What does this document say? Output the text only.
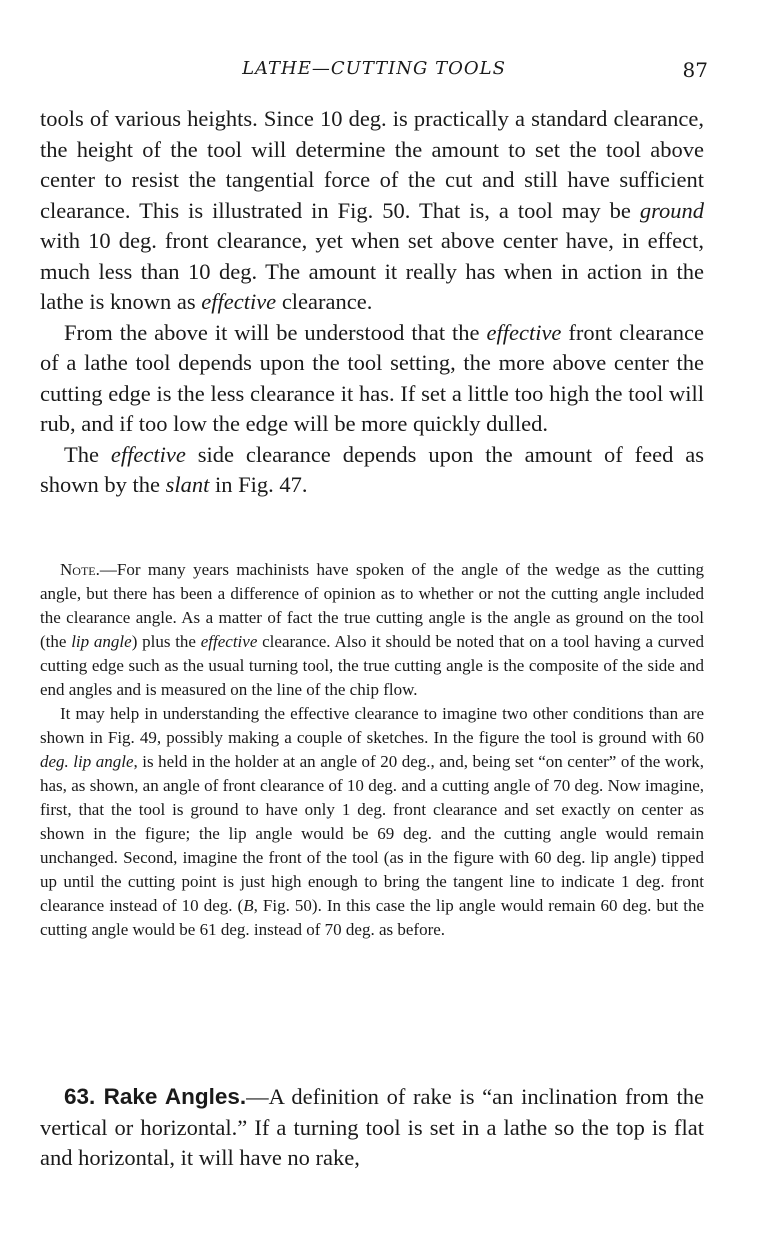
LATHE—CUTTING TOOLS	87

tools of various heights. Since 10 deg. is practically a standard clearance, the height of the tool will determine the amount to set the tool above center to resist the tangential force of the cut and still have sufficient clearance. This is illustrated in Fig. 50. That is, a tool may be ground with 10 deg. front clearance, yet when set above center have, in effect, much less than 10 deg. The amount it really has when in action in the lathe is known as effective clearance.

From the above it will be understood that the effective front clearance of a lathe tool depends upon the tool setting, the more above center the cutting edge is the less clearance it has. If set a little too high the tool will rub, and if too low the edge will be more quickly dulled.

The effective side clearance depends upon the amount of feed as shown by the slant in Fig. 47.

Note.—For many years machinists have spoken of the angle of the wedge as the cutting angle, but there has been a difference of opinion as to whether or not the cutting angle included the clearance angle. As a matter of fact the true cutting angle is the angle as ground on the tool (the lip angle) plus the effective clearance. Also it should be noted that on a tool having a curved cutting edge such as the usual turning tool, the true cutting angle is the composite of the side and end angles and is measured on the line of the chip flow.

It may help in understanding the effective clearance to imagine two other conditions than are shown in Fig. 49, possibly making a couple of sketches. In the figure the tool is ground with 60 deg. lip angle, is held in the holder at an angle of 20 deg., and, being set “on center” of the work, has, as shown, an angle of front clearance of 10 deg. and a cutting angle of 70 deg. Now imagine, first, that the tool is ground to have only 1 deg. front clearance and set exactly on center as shown in the figure; the lip angle would be 69 deg. and the cutting angle would remain unchanged. Second, imagine the front of the tool (as in the figure with 60 deg. lip angle) tipped up until the cutting point is just high enough to bring the tangent line to indicate 1 deg. front clearance instead of 10 deg. (B, Fig. 50). In this case the lip angle would remain 60 deg. but the cutting angle would be 61 deg. instead of 70 deg. as before.

63. Rake Angles.—A definition of rake is “an inclination from the vertical or horizontal.” If a turning tool is set in a lathe so the top is flat and horizontal, it will have no rake,
